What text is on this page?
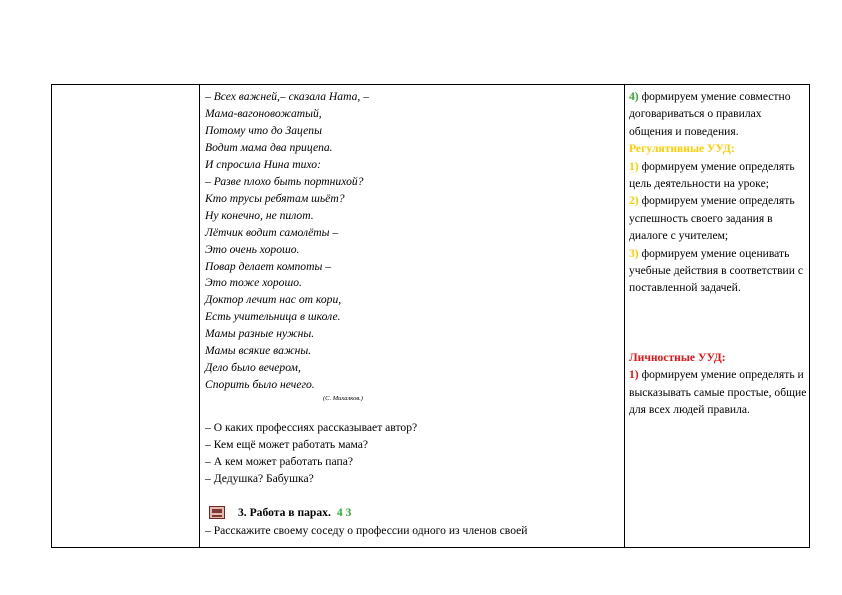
– Всех важней,– сказала Ната, –
Мама-вагоновожатый,
Потому что до Зацепы
Водит мама два прицепа.
И спросила Нина тихо:
– Разве плохо быть портнихой?
Кто трусы ребятам шьёт?
Ну конечно, не пилот.
Лётчик водит самолёты –
Это очень хорошо.
Повар делает компоты –
Это тоже хорошо.
Доктор лечит нас от кори,
Есть учительница в школе.
Мамы разные нужны.
Мамы всякие важны.
Дело было вечером,
Спорить было нечего.
(С. Михалков.)
– О каких профессиях рассказывает автор?
– Кем ещё может работать мама?
– А кем может работать папа?
– Дедушка? Бабушка?
3. Работа в парах. 4 3
– Расскажите своему соседу о профессии одного из членов своей

4) формируем умение совместно договариваться о правилах общения и поведения.

Регулятивные УУД:

1) формируем умение определять цель деятельности на уроке;

2) формируем умение определять успешность своего задания в диалоге с учителем;

3) формируем умение оценивать учебные действия в соответствии с поставленной задачей.

Личностные УУД:

1) формируем умение определять и высказывать самые простые, общие для всех людей правила.
